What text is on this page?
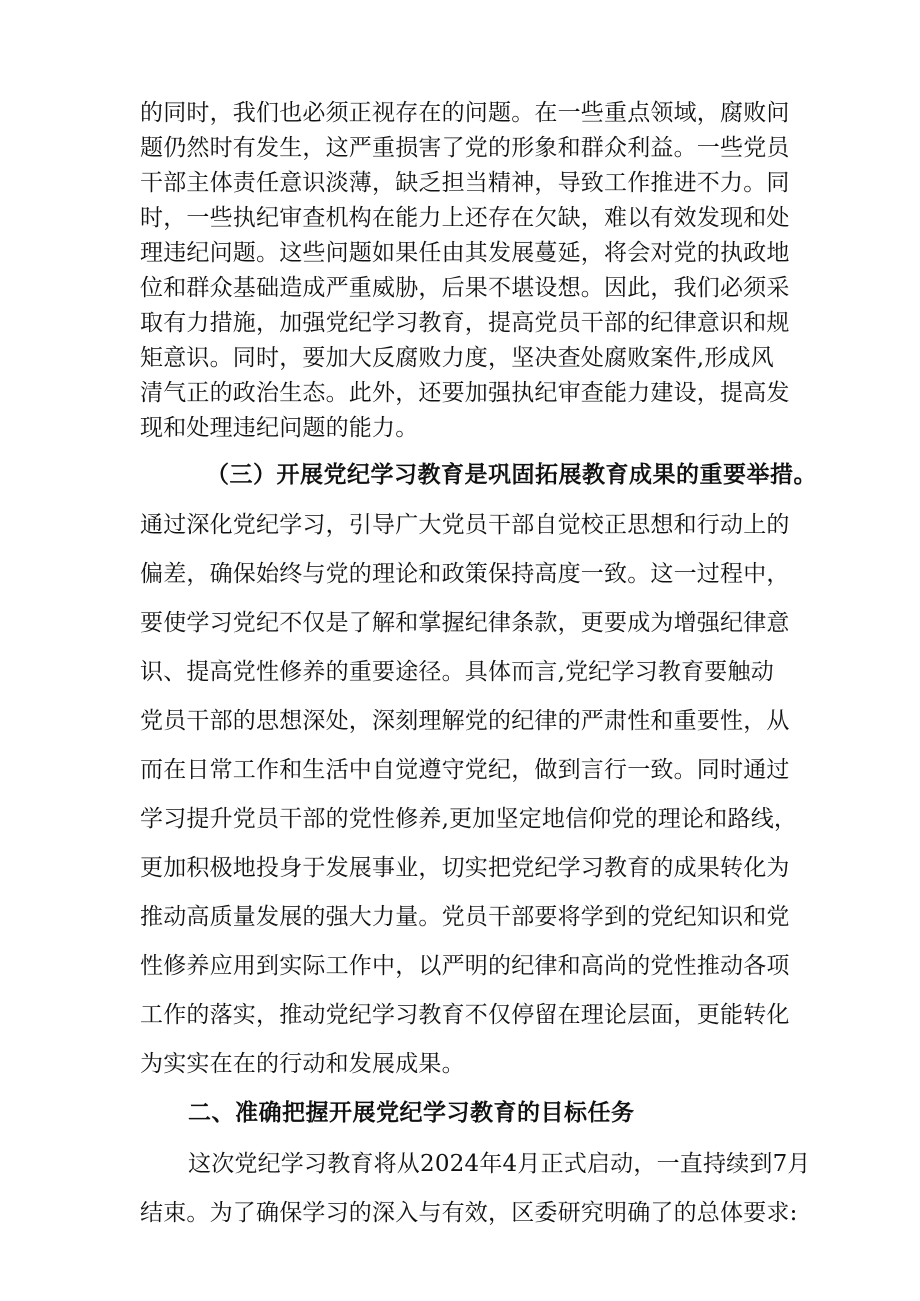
的同时，我们也必须正视存在的问题。在一些重点领域，腐败问
题仍然时有发生，这严重损害了党的形象和群众利益。一些党员
干部主体责任意识淡薄，缺乏担当精神，导致工作推进不力。同
时，一些执纪审查机构在能力上还存在欠缺，难以有效发现和处
理违纪问题。这些问题如果任由其发展蔓延，将会对党的执政地
位和群众基础造成严重威胁，后果不堪设想。因此，我们必须采
取有力措施，加强党纪学习教育，提高党员干部的纪律意识和规
矩意识。同时，要加大反腐败力度，坚决查处腐败案件,形成风
清气正的政治生态。此外，还要加强执纪审查能力建设，提高发
现和处理违纪问题的能力。
（三）开展党纪学习教育是巩固拓展教育成果的重要举措。
通过深化党纪学习，引导广大党员干部自觉校正思想和行动上的
偏差，确保始终与党的理论和政策保持高度一致。这一过程中，
要使学习党纪不仅是了解和掌握纪律条款，更要成为增强纪律意
识、提高党性修养的重要途径。具体而言,党纪学习教育要触动
党员干部的思想深处，深刻理解党的纪律的严肃性和重要性，从
而在日常工作和生活中自觉遵守党纪，做到言行一致。同时通过
学习提升党员干部的党性修养,更加坚定地信仰党的理论和路线，
更加积极地投身于发展事业，切实把党纪学习教育的成果转化为
推动高质量发展的强大力量。党员干部要将学到的党纪知识和党
性修养应用到实际工作中，以严明的纪律和高尚的党性推动各项
工作的落实，推动党纪学习教育不仅停留在理论层面，更能转化
为实实在在的行动和发展成果。
二、准确把握开展党纪学习教育的目标任务
这次党纪学习教育将从2024年4月正式启动，一直持续到7月
结束。为了确保学习的深入与有效，区委研究明确了的总体要求:
